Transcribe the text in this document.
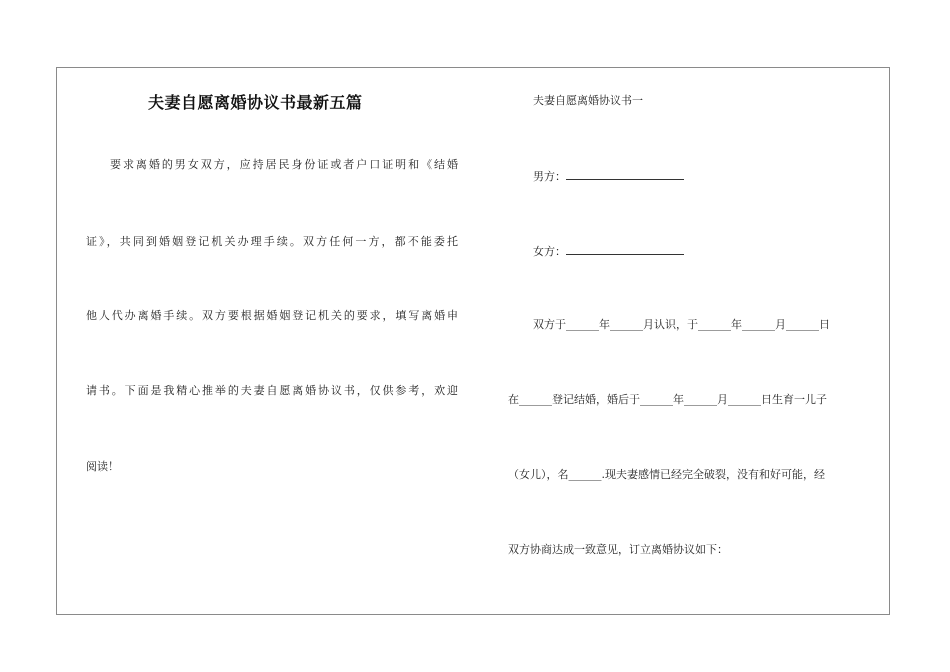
夫妻自愿离婚协议书最新五篇
要求离婚的男女双方，应持居民身份证或者户口证明和《结婚
证》，共同到婚姻登记机关办理手续。双方任何一方，都不能委托
他人代办离婚手续。双方要根据婚姻登记机关的要求，填写离婚申
请书。下面是我精心推举的夫妻自愿离婚协议书，仅供参考，欢迎
阅读！
夫妻自愿离婚协议书一
男方：
女方：
双方于______年______月认识，于______年______月______日
在______登记结婚，婚后于______年______月______日生育一儿子
（女儿），名______.现夫妻感情已经完全破裂，没有和好可能，经
双方协商达成一致意见，订立离婚协议如下：
